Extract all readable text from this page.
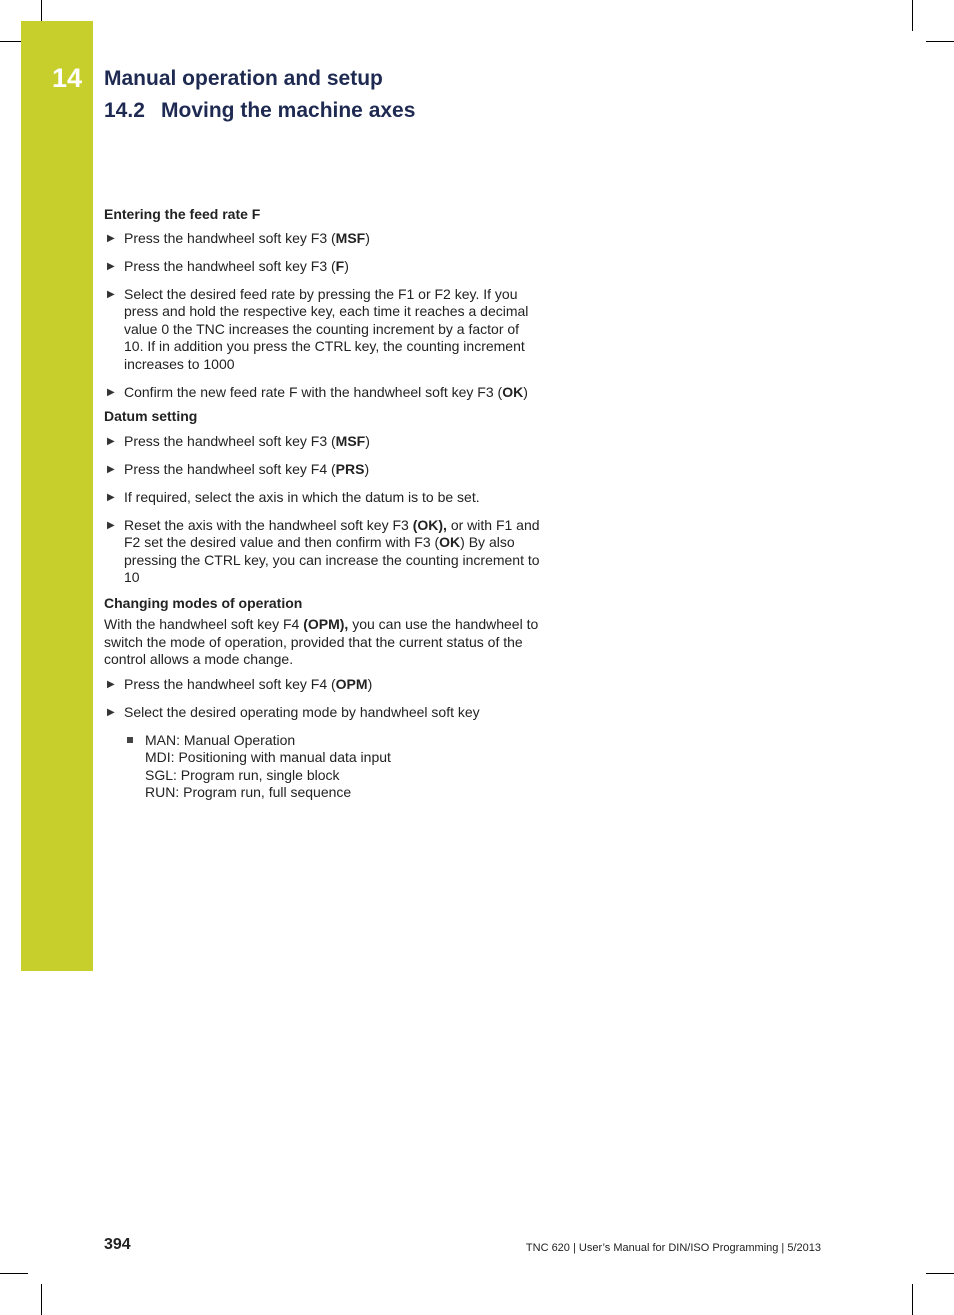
14 Manual operation and setup
14.2 Moving the machine axes
Entering the feed rate F
▶ Press the handwheel soft key F3 (MSF)
▶ Press the handwheel soft key F3 (F)
▶ Select the desired feed rate by pressing the F1 or F2 key. If you press and hold the respective key, each time it reaches a decimal value 0 the TNC increases the counting increment by a factor of 10. If in addition you press the CTRL key, the counting increment increases to 1000
▶ Confirm the new feed rate F with the handwheel soft key F3 (OK)
Datum setting
▶ Press the handwheel soft key F3 (MSF)
▶ Press the handwheel soft key F4 (PRS)
▶ If required, select the axis in which the datum is to be set.
▶ Reset the axis with the handwheel soft key F3 (OK), or with F1 and F2 set the desired value and then confirm with F3 (OK) By also pressing the CTRL key, you can increase the counting increment to 10
Changing modes of operation

With the handwheel soft key F4 (OPM), you can use the handwheel to switch the mode of operation, provided that the current status of the control allows a mode change.

▶ Press the handwheel soft key F4 (OPM)
▶ Select the desired operating mode by handwheel soft key
MAN: Manual Operation
MDI: Positioning with manual data input
SGL: Program run, single block
RUN: Program run, full sequence
394	TNC 620 | User’s Manual for DIN/ISO Programming | 5/2013
